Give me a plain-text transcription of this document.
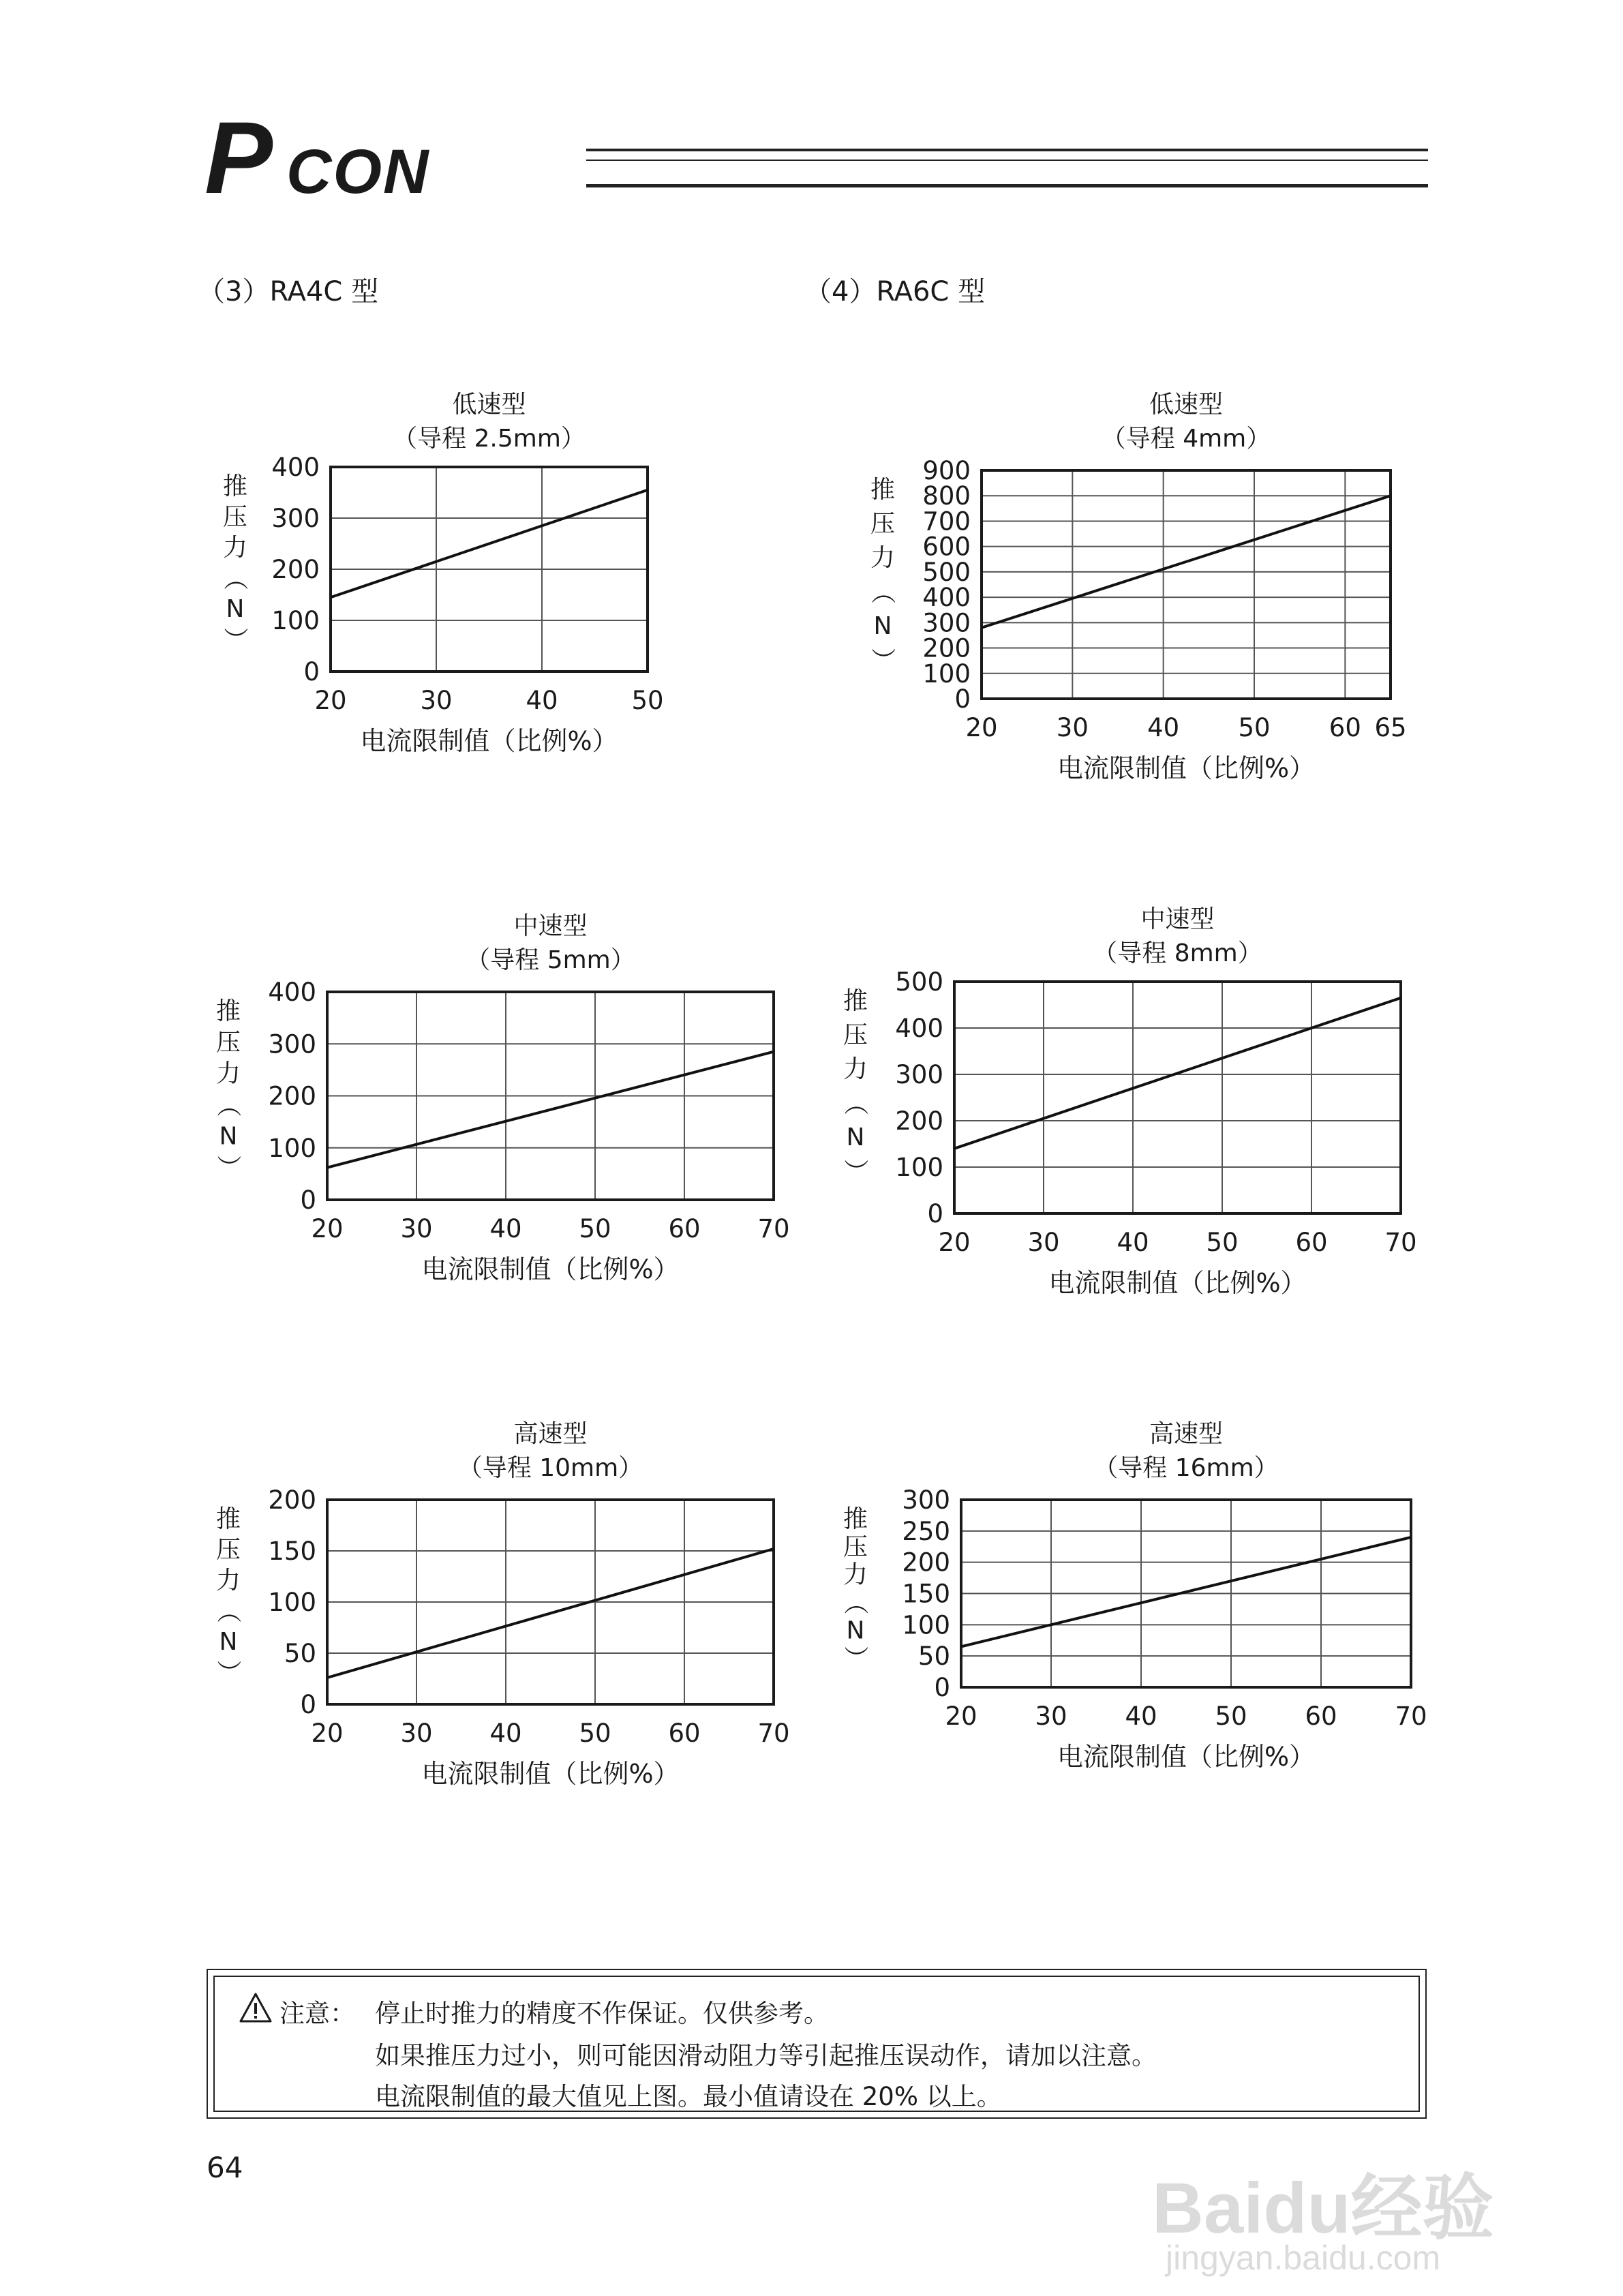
P CON
（3）RA4C 型	（4）RA6C 型
低速型
（导程 2.5mm）
20	30	40	50
0
100
200
300
400
推
压
力
（
N
）
电流限制值（比例%）
低速型
（导程 4mm）
20 30 40 50 60 65
0
100
200
300
400
500
600
700
800
900
推
压
力
（
N
）
电流限制值（比例%）
中速型
（导程 5mm）
20 30 40 50 60 70
0
100
200
300
400
推
压
力
（
N
）
电流限制值（比例%）
中速型
（导程 8mm）
20 30 40 50 60 70
0
100
200
300
400
500
推
压
力
（
N
）
电流限制值（比例%）
高速型
（导程 10mm）
20 30 40 50 60 70
0
50
100
150
200
推
压
力
（
N
）
电流限制值（比例%）
高速型
（导程 16mm）
20 30 40 50 60 70
0
50
100
150
200
250
300
推
压
力
（
N
）
电流限制值（比例%）
注意： 停止时推力的精度不作保证。仅供参考。
如果推压力过小，则可能因滑动阻力等引起推压误动作，请加以注意。
电流限制值的最大值见上图。最小值请设在 20% 以上。
64
Baidu经验
jingyan.baidu.com
